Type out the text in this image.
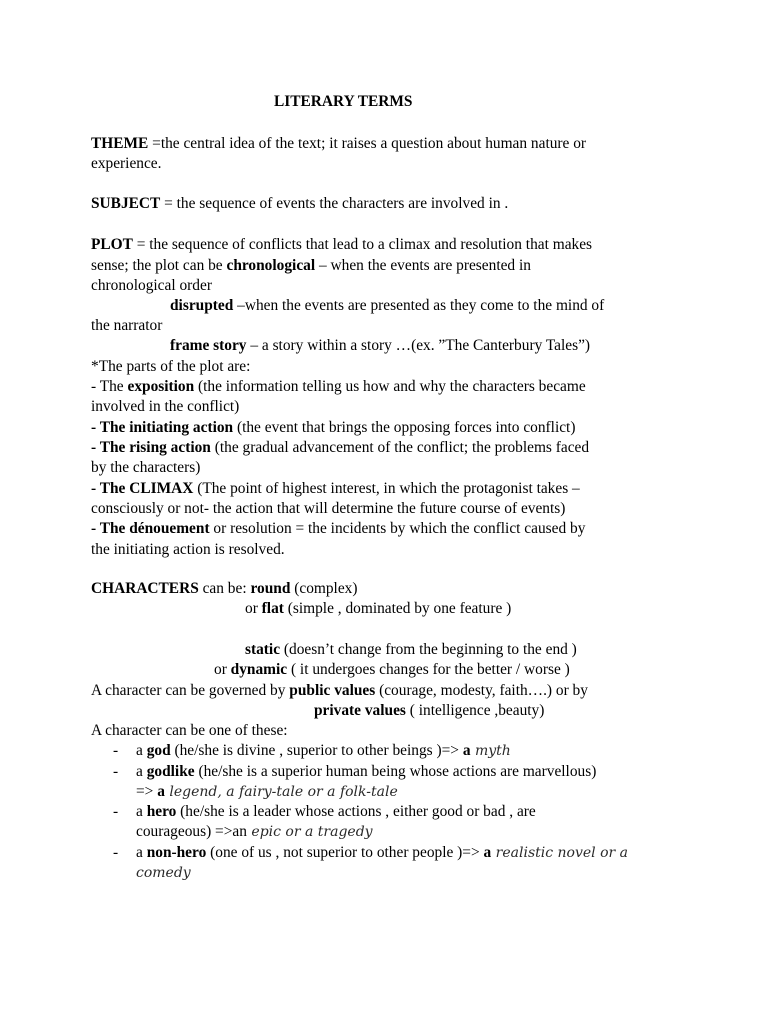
LITERARY TERMS
THEME =the central idea of the text; it raises a question about human nature or
experience.
SUBJECT = the sequence of events the characters are involved in .
PLOT = the sequence of conflicts that lead to a climax and resolution that makes
sense; the plot can be chronological – when the events are presented in
chronological order
disrupted –when the events are presented as they come to the mind of
the narrator
frame story – a story within a story …(ex. ”The Canterbury Tales”)
*The parts of the plot are:
- The exposition (the information telling us how and why the characters became
involved in the conflict)
- The initiating action (the event that brings the opposing forces into conflict)
- The rising action (the gradual advancement of the conflict; the problems faced
by the characters)
- The CLIMAX (The point of highest interest, in which the protagonist takes –
consciously or not- the action that will determine the future course of events)
- The dénouement or resolution = the incidents by which the conflict caused by
the initiating action is resolved.
CHARACTERS can be: round (complex)
or flat (simple , dominated by one feature )
static (doesn’t change from the beginning to the end )
or dynamic ( it undergoes changes for the better / worse )
A character can be governed by public values (courage, modesty, faith….) or by
private values ( intelligence ,beauty)
A character can be one of these:
- a god (he/she is divine , superior to other beings )=> a myth
- a godlike (he/she is a superior human being whose actions are marvellous)
=> a legend, a fairy-tale or a folk-tale
- a hero (he/she is a leader whose actions , either good or bad , are
courageous) =>an epic or a tragedy
- a non-hero (one of us , not superior to other people )=> a realistic novel or a
comedy
